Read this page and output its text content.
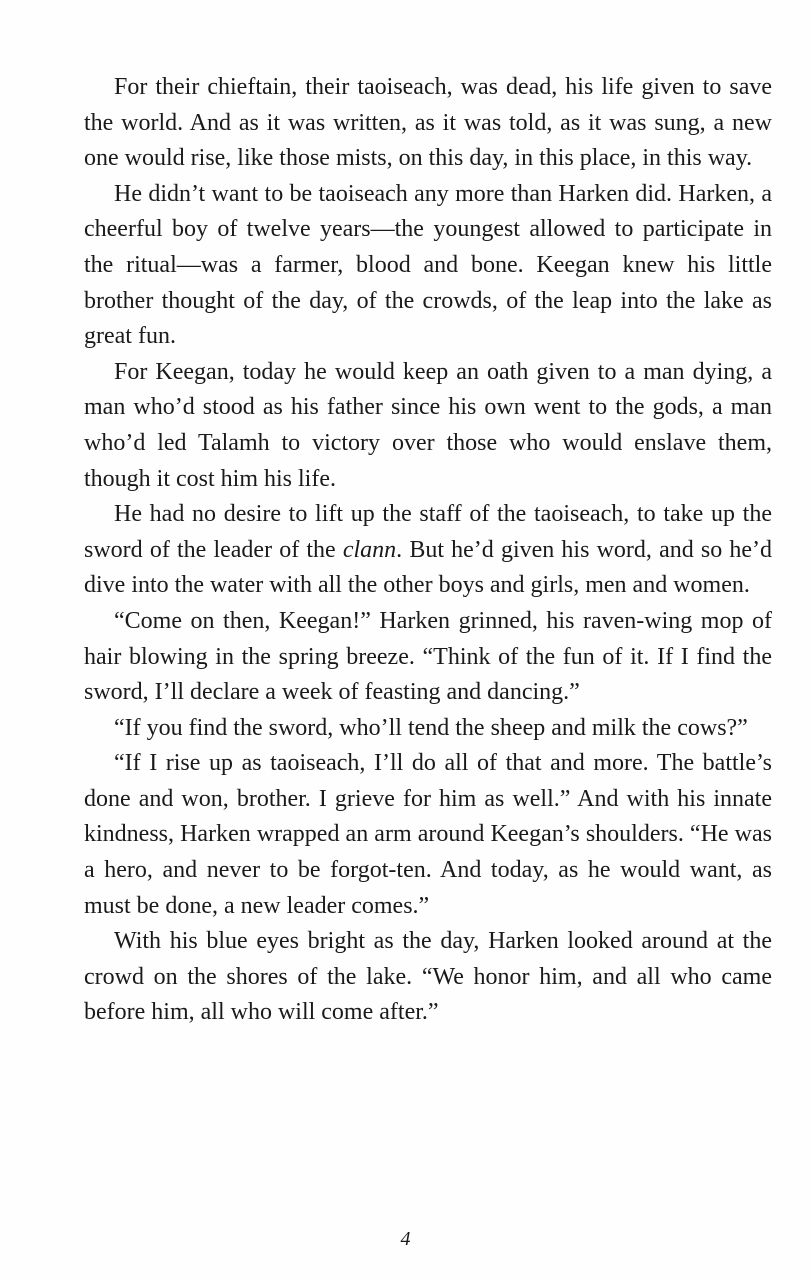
For their chieftain, their taoiseach, was dead, his life given to save the world. And as it was written, as it was told, as it was sung, a new one would rise, like those mists, on this day, in this place, in this way.

He didn’t want to be taoiseach any more than Harken did. Harken, a cheerful boy of twelve years—the youngest allowed to participate in the ritual—was a farmer, blood and bone. Keegan knew his little brother thought of the day, of the crowds, of the leap into the lake as great fun.

For Keegan, today he would keep an oath given to a man dying, a man who’d stood as his father since his own went to the gods, a man who’d led Talamh to victory over those who would enslave them, though it cost him his life.

He had no desire to lift up the staff of the taoiseach, to take up the sword of the leader of the clann. But he’d given his word, and so he’d dive into the water with all the other boys and girls, men and women.

“Come on then, Keegan!” Harken grinned, his raven-wing mop of hair blowing in the spring breeze. “Think of the fun of it. If I find the sword, I’ll declare a week of feasting and dancing.”

“If you find the sword, who’ll tend the sheep and milk the cows?”

“If I rise up as taoiseach, I’ll do all of that and more. The battle’s done and won, brother. I grieve for him as well.” And with his innate kindness, Harken wrapped an arm around Keegan’s shoulders. “He was a hero, and never to be forgot-ten. And today, as he would want, as must be done, a new leader comes.”

With his blue eyes bright as the day, Harken looked around at the crowd on the shores of the lake. “We honor him, and all who came before him, all who will come after.”

4
